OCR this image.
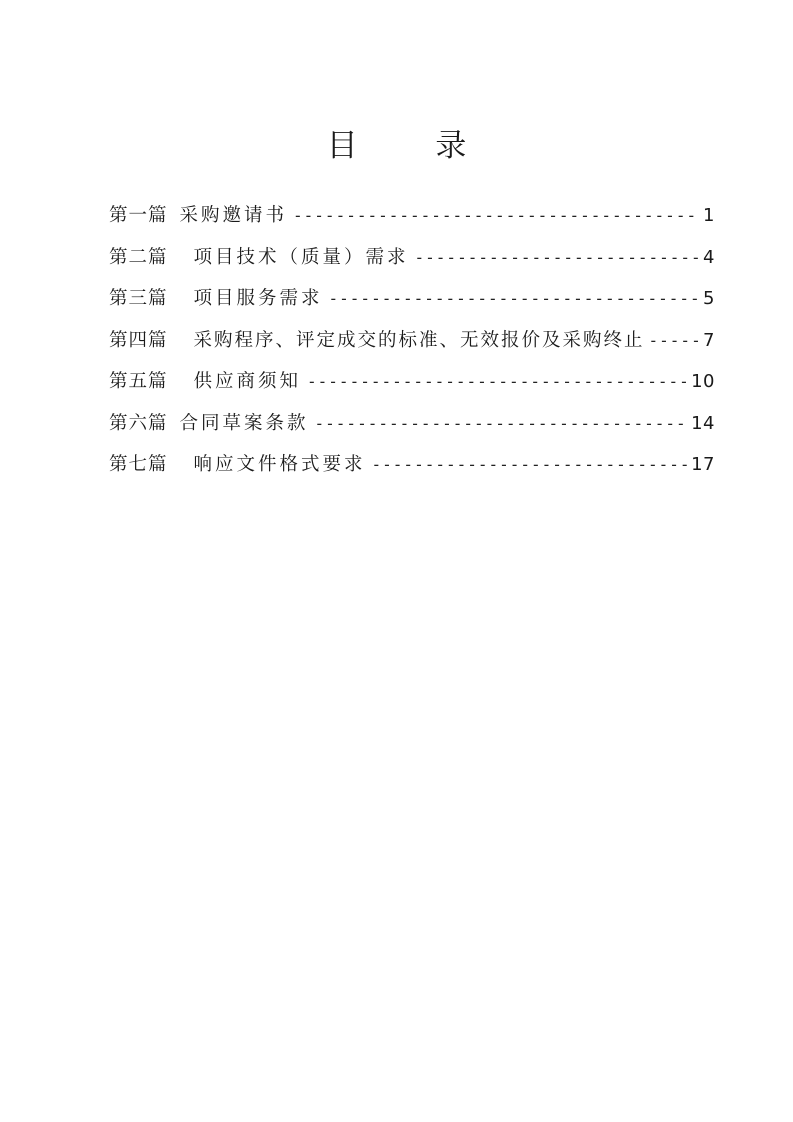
目 录
第一篇 采购邀请书 -----	1
第二篇 项目技术（质量）需求 -----	4
第三篇 项目服务需求 -----	5
第四篇 采购程序、评定成交的标准、无效报价及采购终止 -----	7
第五篇 供应商须知 -----	10
第六篇 合同草案条款 -----	14
第七篇 响应文件格式要求 -----	17
